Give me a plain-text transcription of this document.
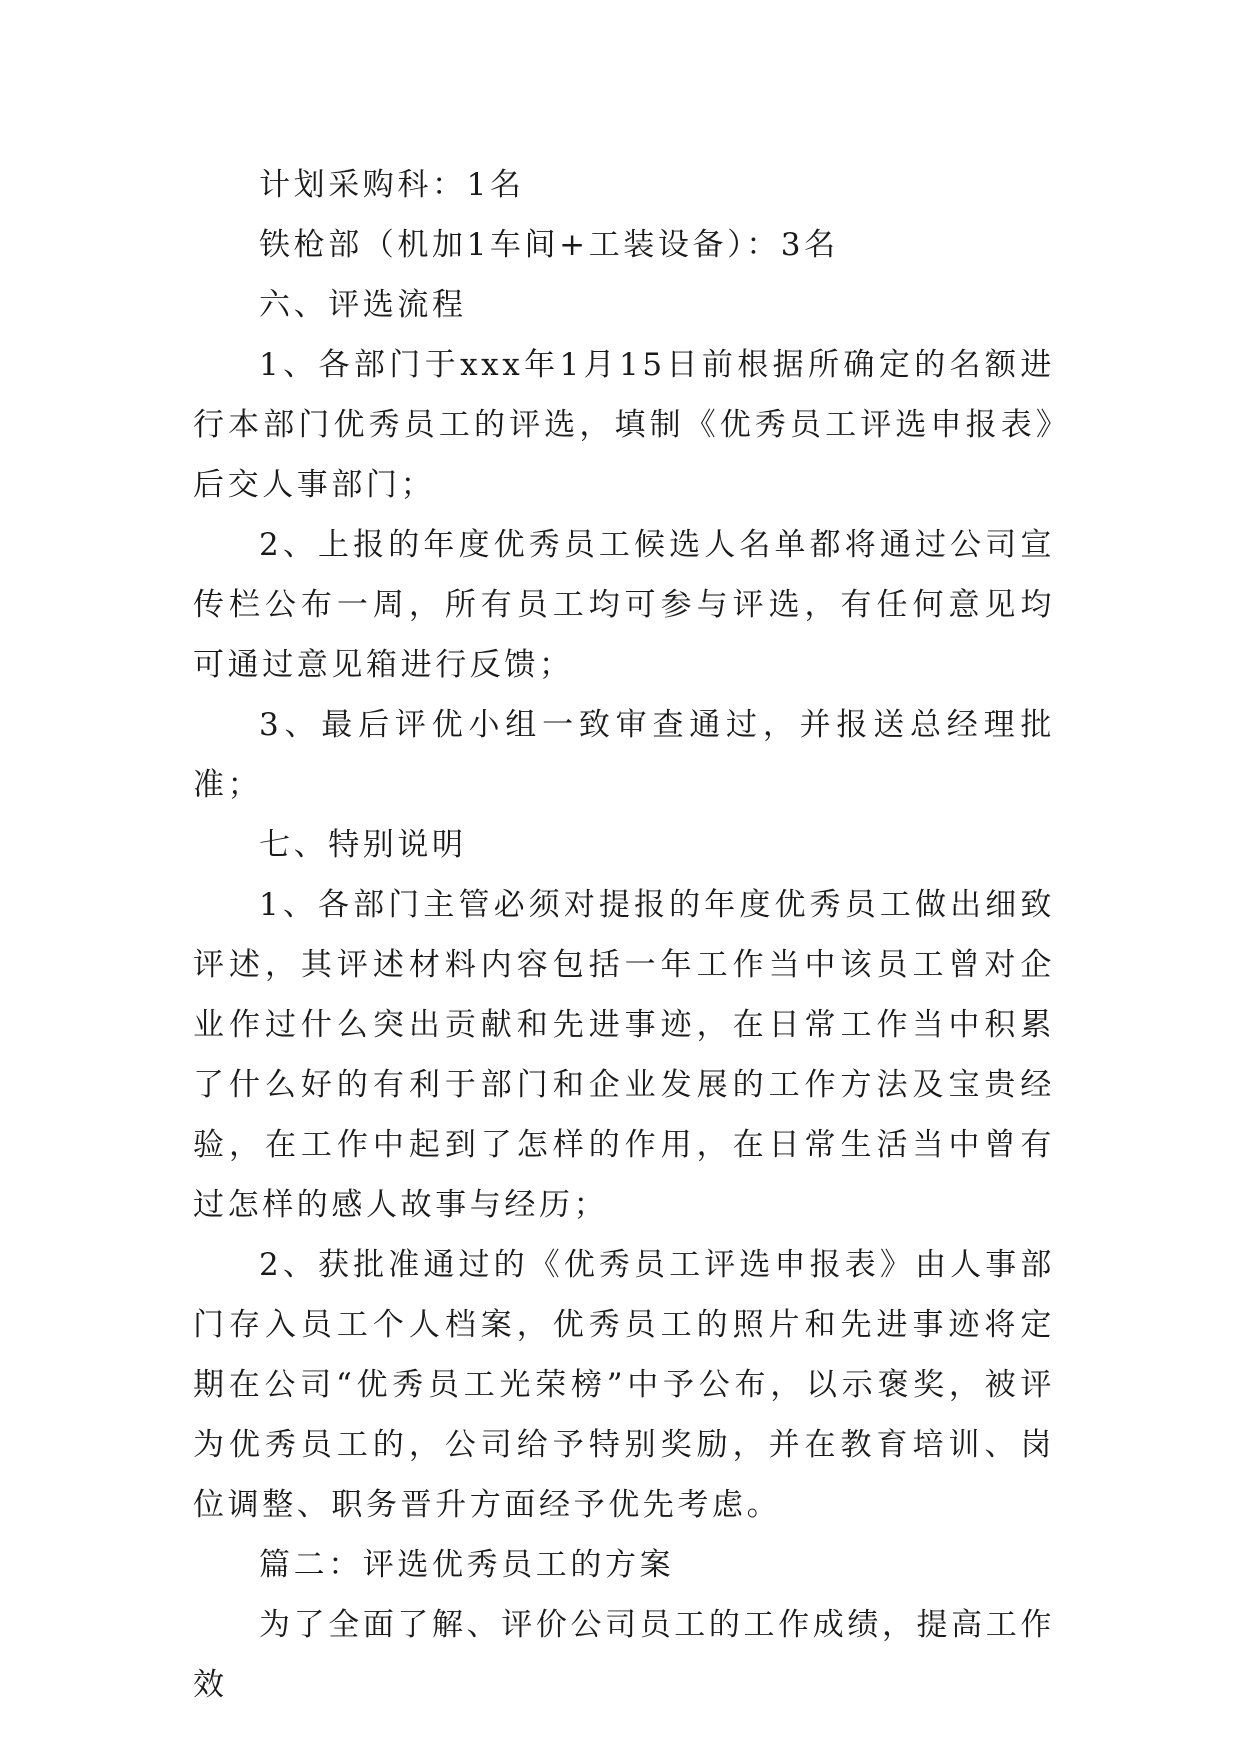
计划采购科：1名

铁枪部（机加1车间+工装设备）：3名

六、评选流程

1、各部门于xxx年1月15日前根据所确定的名额进行本部门优秀员工的评选，填制《优秀员工评选申报表》后交人事部门；

2、上报的年度优秀员工候选人名单都将通过公司宣传栏公布一周，所有员工均可参与评选，有任何意见均可通过意见箱进行反馈；

3、最后评优小组一致审查通过，并报送总经理批准；

七、特别说明

1、各部门主管必须对提报的年度优秀员工做出细致评述，其评述材料内容包括一年工作当中该员工曾对企业作过什么突出贡献和先进事迹，在日常工作当中积累了什么好的有利于部门和企业发展的工作方法及宝贵经验，在工作中起到了怎样的作用，在日常生活当中曾有过怎样的感人故事与经历；

2、获批准通过的《优秀员工评选申报表》由人事部门存入员工个人档案，优秀员工的照片和先进事迹将定期在公司“优秀员工光荣榜”中予公布，以示褒奖，被评为优秀员工的，公司给予特别奖励，并在教育培训、岗位调整、职务晋升方面经予优先考虑。

篇二：评选优秀员工的方案

为了全面了解、评价公司员工的工作成绩，提高工作效
